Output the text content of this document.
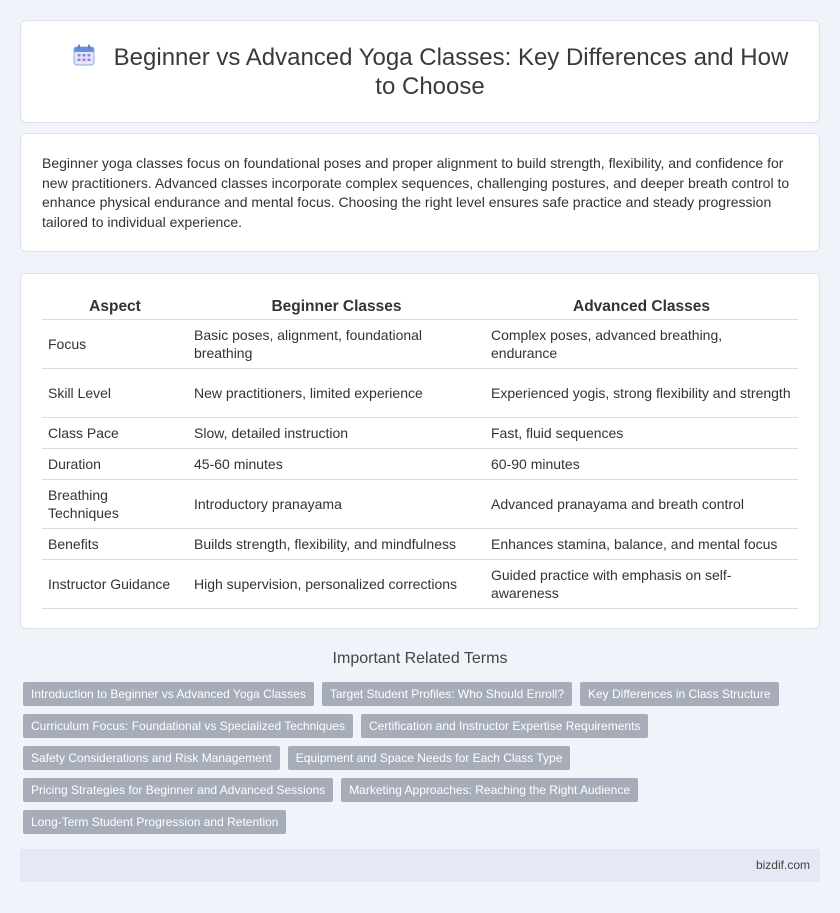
Beginner vs Advanced Yoga Classes: Key Differences and How to Choose

Beginner yoga classes focus on foundational poses and proper alignment to build strength, flexibility, and confidence for new practitioners. Advanced classes incorporate complex sequences, challenging postures, and deeper breath control to enhance physical endurance and mental focus. Choosing the right level ensures safe practice and steady progression tailored to individual experience.

Aspect	Beginner Classes	Advanced Classes
Focus	Basic poses, alignment, foundational breathing	Complex poses, advanced breathing, endurance
Skill Level	New practitioners, limited experience	Experienced yogis, strong flexibility and strength
Class Pace	Slow, detailed instruction	Fast, fluid sequences
Duration	45-60 minutes	60-90 minutes
Breathing Techniques	Introductory pranayama	Advanced pranayama and breath control
Benefits	Builds strength, flexibility, and mindfulness	Enhances stamina, balance, and mental focus
Instructor Guidance	High supervision, personalized corrections	Guided practice with emphasis on self-awareness
Important Related Terms
Introduction to Beginner vs Advanced Yoga Classes	Target Student Profiles: Who Should Enroll?	Key Differences in Class Structure
Curriculum Focus: Foundational vs Specialized Techniques	Certification and Instructor Expertise Requirements
Safety Considerations and Risk Management	Equipment and Space Needs for Each Class Type
Pricing Strategies for Beginner and Advanced Sessions	Marketing Approaches: Reaching the Right Audience
Long-Term Student Progression and Retention
bizdif.com
